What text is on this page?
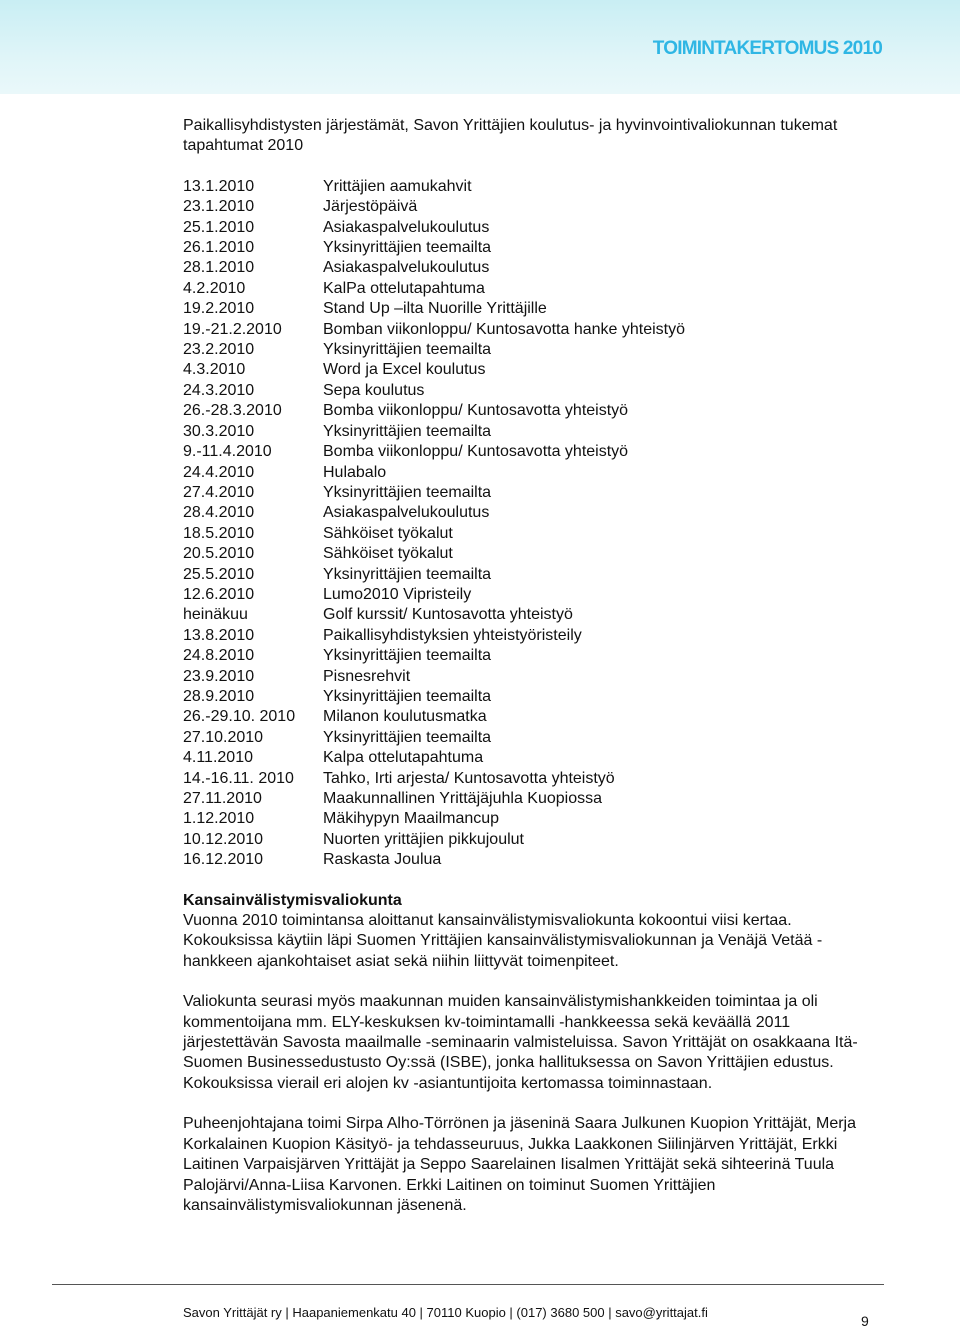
TOIMINTAKERTOMUS 2010

Paikallisyhdistysten järjestämät, Savon Yrittäjien koulutus- ja hyvinvointivaliokunnan tukemat tapahtumat 2010

13.1.2010	Yrittäjien aamukahvit
23.1.2010	Järjestöpäivä
25.1.2010	Asiakaspalvelukoulutus
26.1.2010	Yksinyrittäjien teemailta
28.1.2010	Asiakaspalvelukoulutus
4.2.2010	KalPa ottelutapahtuma
19.2.2010	Stand Up –ilta Nuorille Yrittäjille
19.-21.2.2010	Bomban viikonloppu/ Kuntosavotta hanke yhteistyö
23.2.2010	Yksinyrittäjien teemailta
4.3.2010	Word ja Excel koulutus
24.3.2010	Sepa koulutus
26.-28.3.2010	Bomba viikonloppu/ Kuntosavotta yhteistyö
30.3.2010	Yksinyrittäjien teemailta
9.-11.4.2010	Bomba viikonloppu/ Kuntosavotta yhteistyö
24.4.2010	Hulabalo
27.4.2010	Yksinyrittäjien teemailta
28.4.2010	Asiakaspalvelukoulutus
18.5.2010	Sähköiset työkalut
20.5.2010	Sähköiset työkalut
25.5.2010	Yksinyrittäjien teemailta
12.6.2010	Lumo2010 Vipristeily
heinäkuu	Golf kurssit/ Kuntosavotta yhteistyö
13.8.2010	Paikallisyhdistyksien yhteistyöristeily
24.8.2010	Yksinyrittäjien teemailta
23.9.2010	Pisnesrehvit
28.9.2010	Yksinyrittäjien teemailta
26.-29.10. 2010	Milanon koulutusmatka
27.10.2010	Yksinyrittäjien teemailta
4.11.2010	Kalpa ottelutapahtuma
14.-16.11. 2010	Tahko, Irti arjesta/ Kuntosavotta yhteistyö
27.11.2010	Maakunnallinen Yrittäjäjuhla Kuopiossa
1.12.2010	Mäkihypyn Maailmancup
10.12.2010	Nuorten yrittäjien pikkujoulut
16.12.2010	Raskasta Joulua

Kansainvälistymisvaliokunta

Vuonna 2010 toimintansa aloittanut kansainvälistymisvaliokunta kokoontui viisi kertaa. Kokouksissa käytiin läpi Suomen Yrittäjien kansainvälistymisvaliokunnan ja Venäjä Vetää -hankkeen ajankohtaiset asiat sekä niihin liittyvät toimenpiteet.

Valiokunta seurasi myös maakunnan muiden kansainvälistymishankkeiden toimintaa ja oli kommentoijana mm. ELY-keskuksen kv-toimintamalli -hankkeessa sekä keväällä 2011 järjestettävän Savosta maailmalle -seminaarin valmisteluissa. Savon Yrittäjät on osakkaana Itä-Suomen Businessedustusto Oy:ssä (ISBE), jonka hallituksessa on Savon Yrittäjien edustus. Kokouksissa vierail eri alojen kv -asiantuntijoita kertomassa toiminnastaan.

Puheenjohtajana toimi Sirpa Alho-Törrönen ja jäseninä Saara Julkunen Kuopion Yrittäjät, Merja Korkalainen Kuopion Käsityö- ja tehdasseuruus, Jukka Laakkonen Siilinjärven Yrittäjät, Erkki Laitinen Varpaisjärven Yrittäjät ja Seppo Saarelainen Iisalmen Yrittäjät sekä sihteerinä Tuula Palojärvi/Anna-Liisa Karvonen. Erkki Laitinen on toiminut Suomen Yrittäjien kansainvälistymisvaliokunnan jäsenenä.

Savon Yrittäjät ry | Haapaniemenkatu 40 | 70110 Kuopio | (017) 3680 500 | savo@yrittajat.fi
9
